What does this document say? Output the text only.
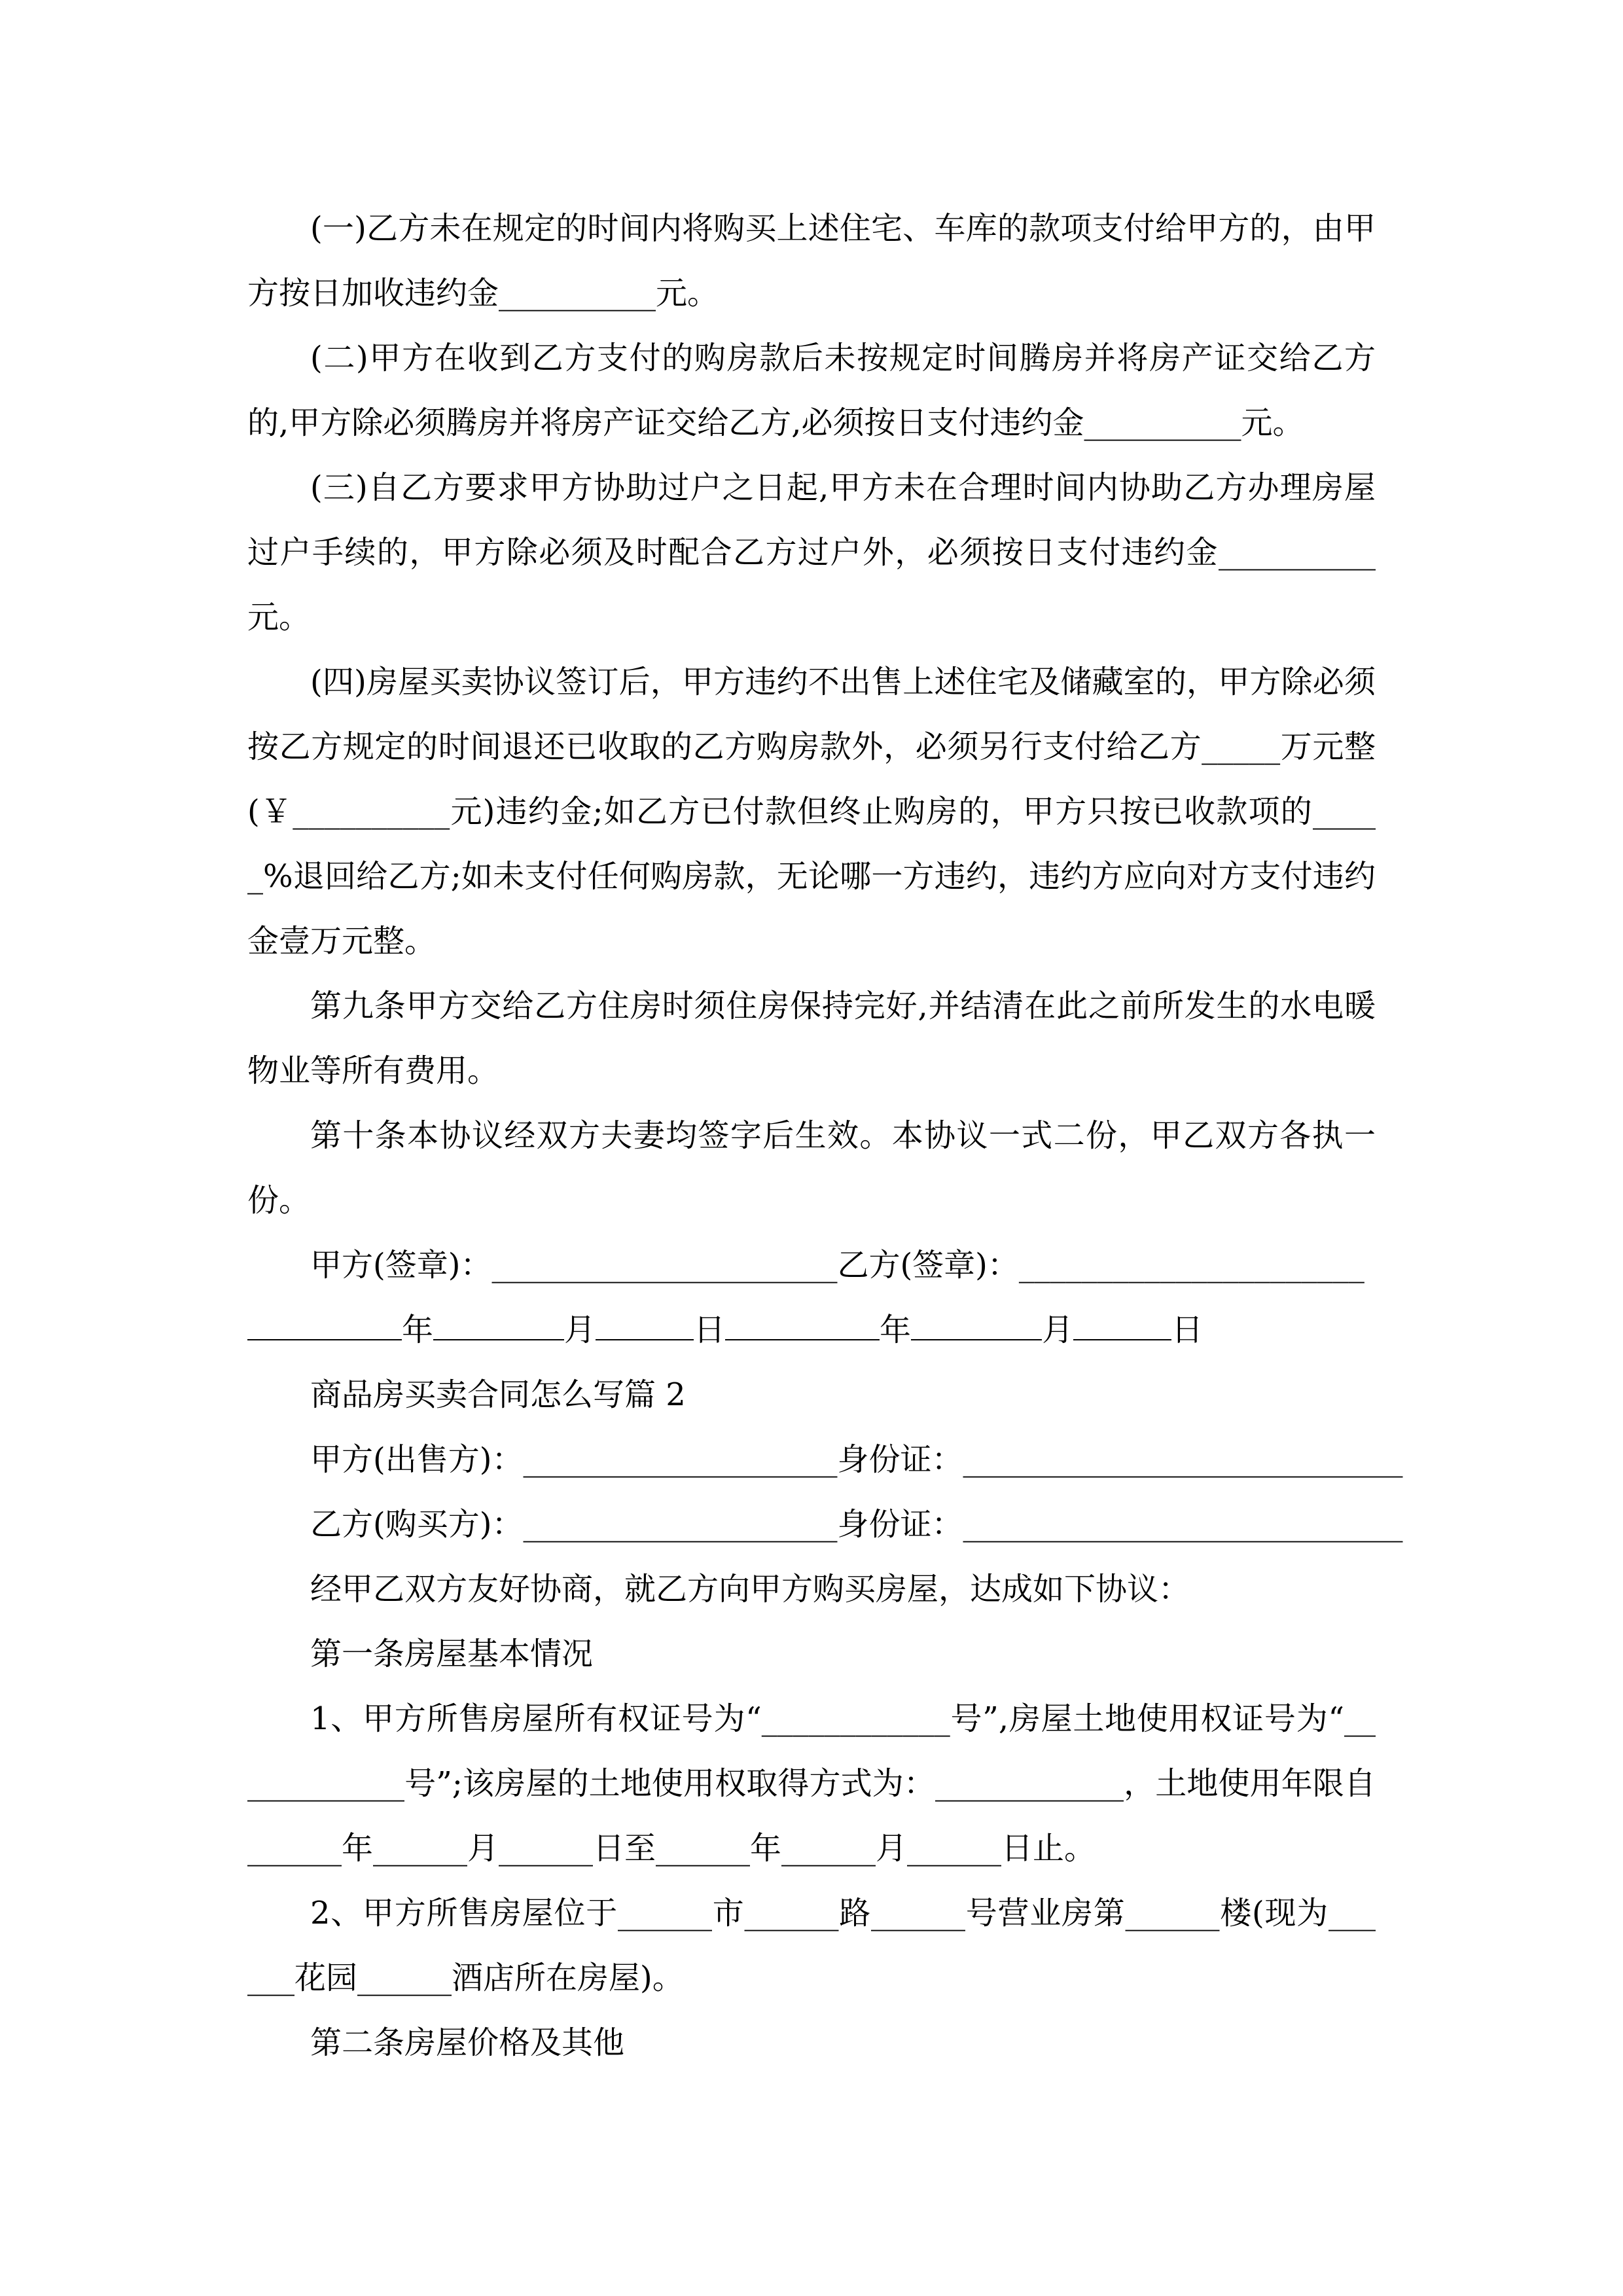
(一)乙方未在规定的时间内将购买上述住宅、车库的款项支付给甲方的，由甲方按日加收违约金__________元。

(二)甲方在收到乙方支付的购房款后未按规定时间腾房并将房产证交给乙方的,甲方除必须腾房并将房产证交给乙方,必须按日支付违约金__________元。

(三)自乙方要求甲方协助过户之日起,甲方未在合理时间内协助乙方办理房屋过户手续的，甲方除必须及时配合乙方过户外，必须按日支付违约金__________元。

(四)房屋买卖协议签订后，甲方违约不出售上述住宅及储藏室的，甲方除必须按乙方规定的时间退还已收取的乙方购房款外，必须另行支付给乙方_____万元整(￥__________元)违约金;如乙方已付款但终止购房的，甲方只按已收款项的_____%退回给乙方;如未支付任何购房款，无论哪一方违约，违约方应向对方支付违约金壹万元整。

第九条甲方交给乙方住房时须住房保持完好,并结清在此之前所发生的水电暖物业等所有费用。

第十条本协议经双方夫妻均签字后生效。本协议一式二份，甲乙双方各执一份。

甲方(签章)：______________________乙方(签章)：______________________

年	月	日	年	月	日

商品房买卖合同怎么写篇 2

甲方(出售方)：____________________身份证：____________________________

乙方(购买方)：____________________身份证：____________________________

经甲乙双方友好协商，就乙方向甲方购买房屋，达成如下协议：

第一条房屋基本情况

1、甲方所售房屋所有权证号为“____________号”,房屋土地使用权证号为“____________号”;该房屋的土地使用权取得方式为：____________，土地使用年限自______年______月______日至______年______月______日止。

2、甲方所售房屋位于______市______路______号营业房第______楼(现为______花园______酒店所在房屋)。

第二条房屋价格及其他
